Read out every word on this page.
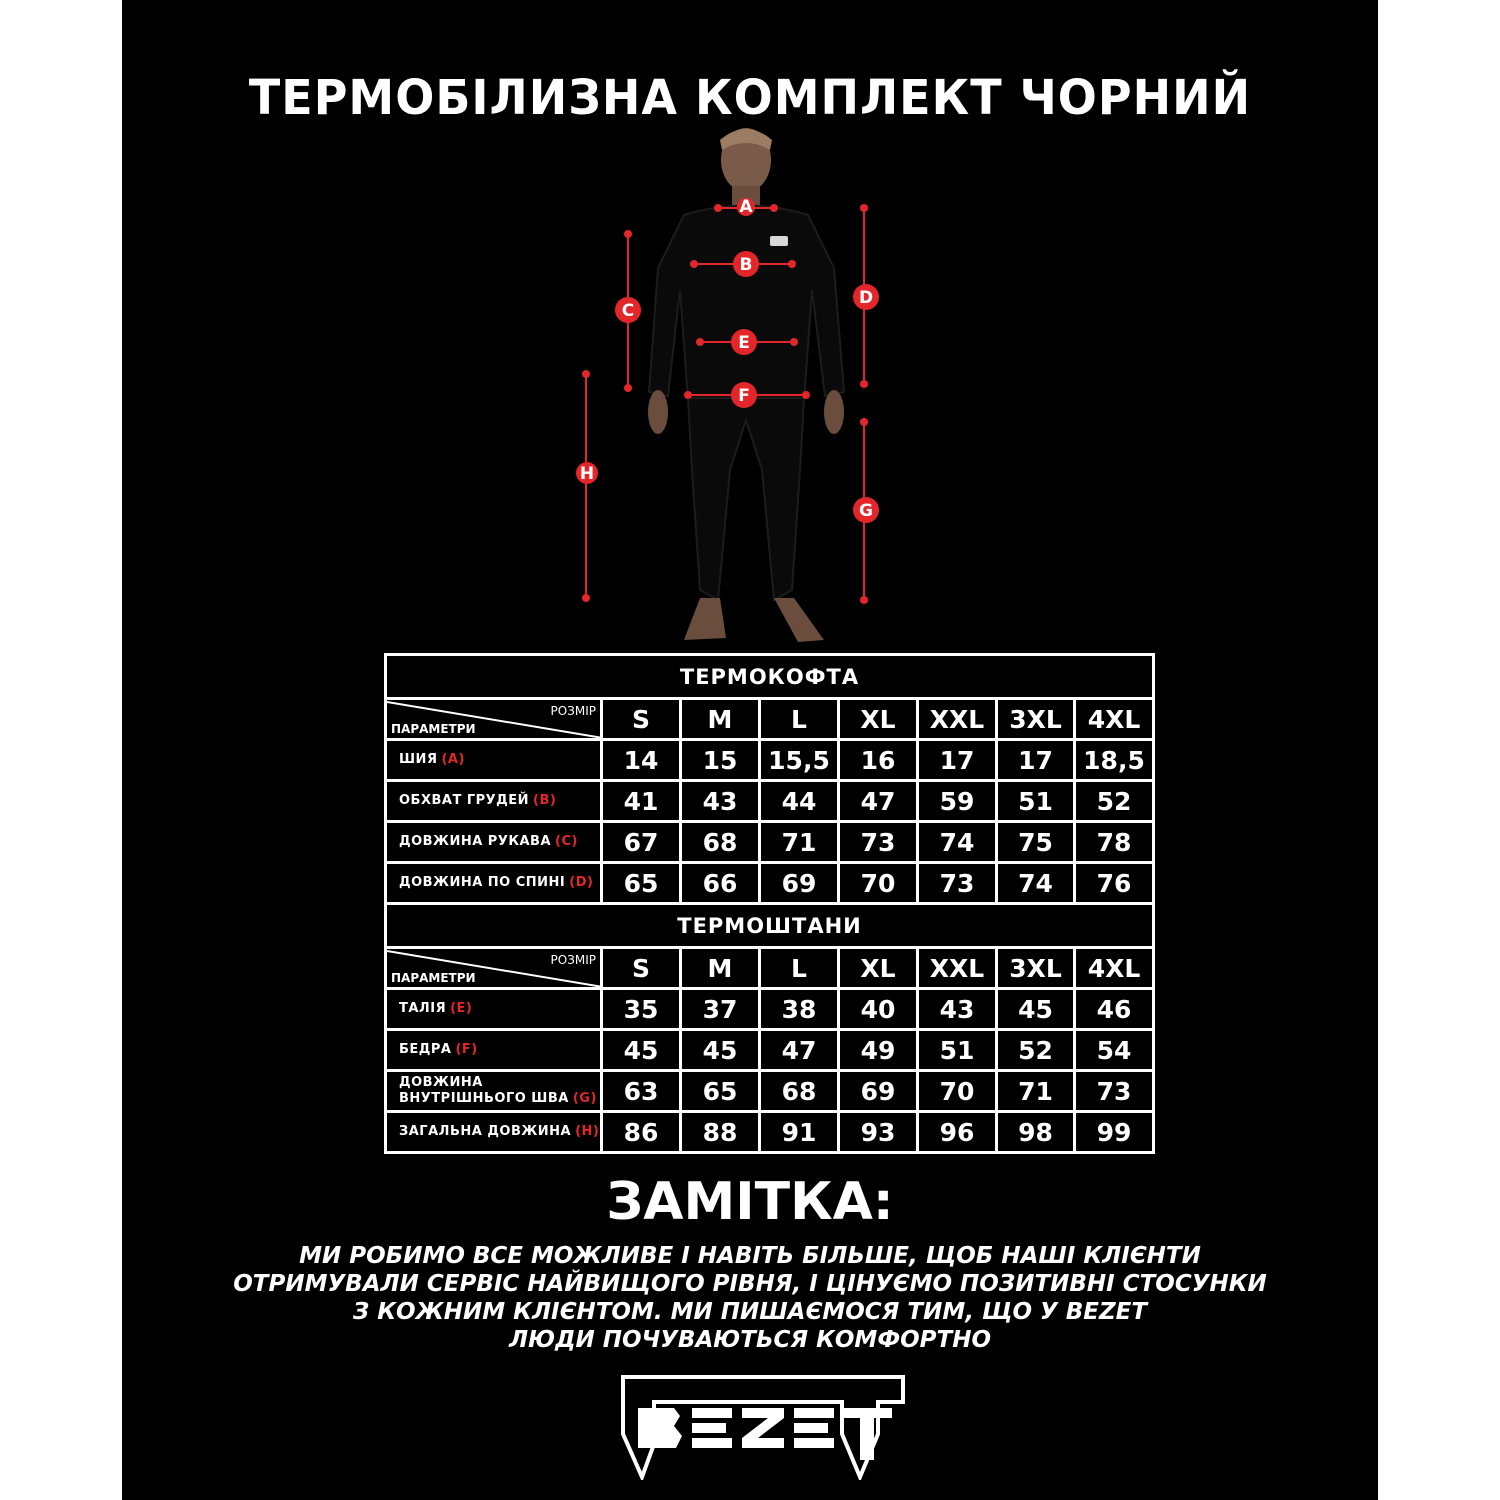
ТЕРМОБІЛИЗНА КОМПЛЕКТ ЧОРНИЙ
A
B
C
D
E
F
G
H
ТЕРМОКОФТА							

РОЗМІР
ПАРАМЕТРИ	S	M	L	XL	XXL	3XL	4XL
ШИЯ (A)	14	15	15,5	16	17	17	18,5
ОБХВАТ ГРУДЕЙ (B)	41	43	44	47	59	51	52
ДОВЖИНА РУКАВА (C)	67	68	71	73	74	75	78
ДОВЖИНА ПО СПИНІ (D)	65	66	69	70	73	74	76
ТЕРМОШТАНИ							

РОЗМІР
ПАРАМЕТРИ	S	M	L	XL	XXL	3XL	4XL
ТАЛІЯ (E)	35	37	38	40	43	45	46
БЕДРА (F)	45	45	47	49	51	52	54
ДОВЖИНА ВНУТРІШНЬОГО ШВА (G)	63	65	68	69	70	71	73
ЗАГАЛЬНА ДОВЖИНА (H)	86	88	91	93	96	98	99
ЗАМІТКА:
МИ РОБИМО ВСЕ МОЖЛИВЕ І НАВІТЬ БІЛЬШЕ, ЩОБ НАШІ КЛІЄНТИ
ОТРИМУВАЛИ СЕРВІС НАЙВИЩОГО РІВНЯ, І ЦІНУЄМО ПОЗИТИВНІ СТОСУНКИ
З КОЖНИМ КЛІЄНТОМ. МИ ПИШАЄМОСЯ ТИМ, ЩО У BEZET
ЛЮДИ ПОЧУВАЮТЬСЯ КОМФОРТНО
